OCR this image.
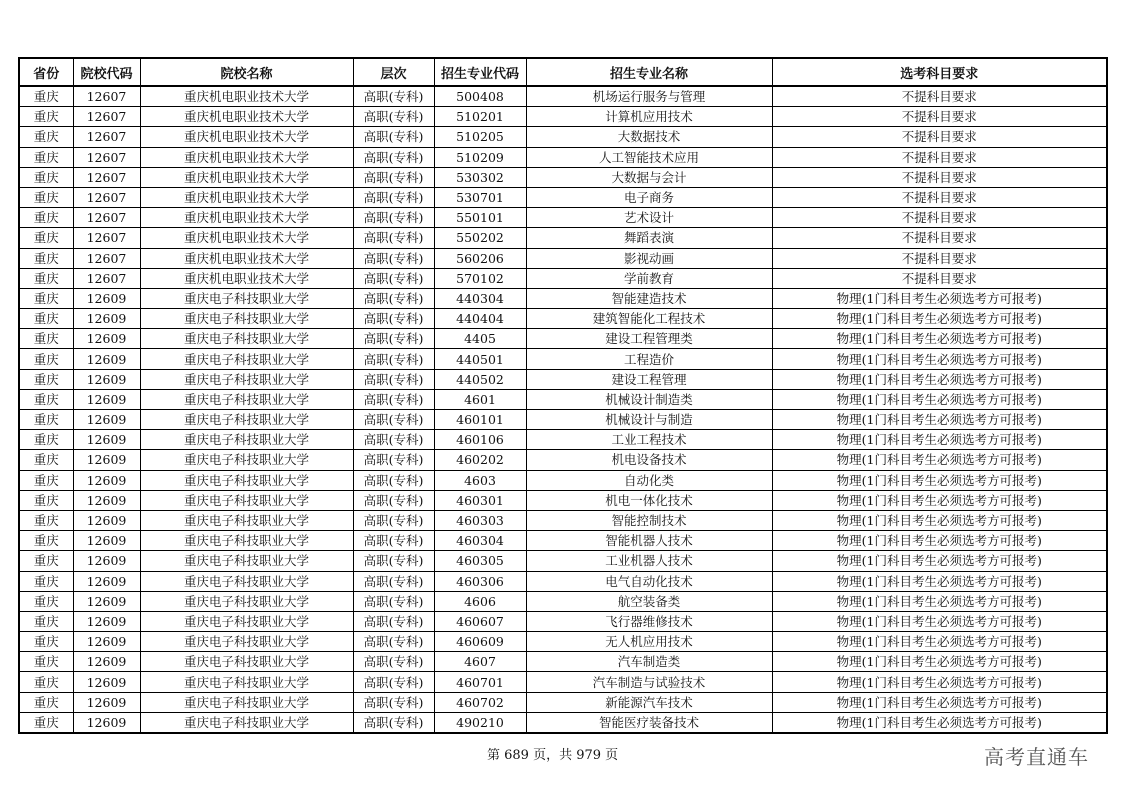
省份	院校代码	院校名称	层次	招生专业代码	招生专业名称	选考科目要求
重庆	12607	重庆机电职业技术大学	高职(专科)	500408	机场运行服务与管理	不提科目要求
重庆	12607	重庆机电职业技术大学	高职(专科)	510201	计算机应用技术	不提科目要求
重庆	12607	重庆机电职业技术大学	高职(专科)	510205	大数据技术	不提科目要求
重庆	12607	重庆机电职业技术大学	高职(专科)	510209	人工智能技术应用	不提科目要求
重庆	12607	重庆机电职业技术大学	高职(专科)	530302	大数据与会计	不提科目要求
重庆	12607	重庆机电职业技术大学	高职(专科)	530701	电子商务	不提科目要求
重庆	12607	重庆机电职业技术大学	高职(专科)	550101	艺术设计	不提科目要求
重庆	12607	重庆机电职业技术大学	高职(专科)	550202	舞蹈表演	不提科目要求
重庆	12607	重庆机电职业技术大学	高职(专科)	560206	影视动画	不提科目要求
重庆	12607	重庆机电职业技术大学	高职(专科)	570102	学前教育	不提科目要求
重庆	12609	重庆电子科技职业大学	高职(专科)	440304	智能建造技术	物理(1门科目考生必须选考方可报考)
重庆	12609	重庆电子科技职业大学	高职(专科)	440404	建筑智能化工程技术	物理(1门科目考生必须选考方可报考)
重庆	12609	重庆电子科技职业大学	高职(专科)	4405	建设工程管理类	物理(1门科目考生必须选考方可报考)
重庆	12609	重庆电子科技职业大学	高职(专科)	440501	工程造价	物理(1门科目考生必须选考方可报考)
重庆	12609	重庆电子科技职业大学	高职(专科)	440502	建设工程管理	物理(1门科目考生必须选考方可报考)
重庆	12609	重庆电子科技职业大学	高职(专科)	4601	机械设计制造类	物理(1门科目考生必须选考方可报考)
重庆	12609	重庆电子科技职业大学	高职(专科)	460101	机械设计与制造	物理(1门科目考生必须选考方可报考)
重庆	12609	重庆电子科技职业大学	高职(专科)	460106	工业工程技术	物理(1门科目考生必须选考方可报考)
重庆	12609	重庆电子科技职业大学	高职(专科)	460202	机电设备技术	物理(1门科目考生必须选考方可报考)
重庆	12609	重庆电子科技职业大学	高职(专科)	4603	自动化类	物理(1门科目考生必须选考方可报考)
重庆	12609	重庆电子科技职业大学	高职(专科)	460301	机电一体化技术	物理(1门科目考生必须选考方可报考)
重庆	12609	重庆电子科技职业大学	高职(专科)	460303	智能控制技术	物理(1门科目考生必须选考方可报考)
重庆	12609	重庆电子科技职业大学	高职(专科)	460304	智能机器人技术	物理(1门科目考生必须选考方可报考)
重庆	12609	重庆电子科技职业大学	高职(专科)	460305	工业机器人技术	物理(1门科目考生必须选考方可报考)
重庆	12609	重庆电子科技职业大学	高职(专科)	460306	电气自动化技术	物理(1门科目考生必须选考方可报考)
重庆	12609	重庆电子科技职业大学	高职(专科)	4606	航空装备类	物理(1门科目考生必须选考方可报考)
重庆	12609	重庆电子科技职业大学	高职(专科)	460607	飞行器维修技术	物理(1门科目考生必须选考方可报考)
重庆	12609	重庆电子科技职业大学	高职(专科)	460609	无人机应用技术	物理(1门科目考生必须选考方可报考)
重庆	12609	重庆电子科技职业大学	高职(专科)	4607	汽车制造类	物理(1门科目考生必须选考方可报考)
重庆	12609	重庆电子科技职业大学	高职(专科)	460701	汽车制造与试验技术	物理(1门科目考生必须选考方可报考)
重庆	12609	重庆电子科技职业大学	高职(专科)	460702	新能源汽车技术	物理(1门科目考生必须选考方可报考)
重庆	12609	重庆电子科技职业大学	高职(专科)	490210	智能医疗装备技术	物理(1门科目考生必须选考方可报考)
第 689 页，共 979 页	高考直通车
